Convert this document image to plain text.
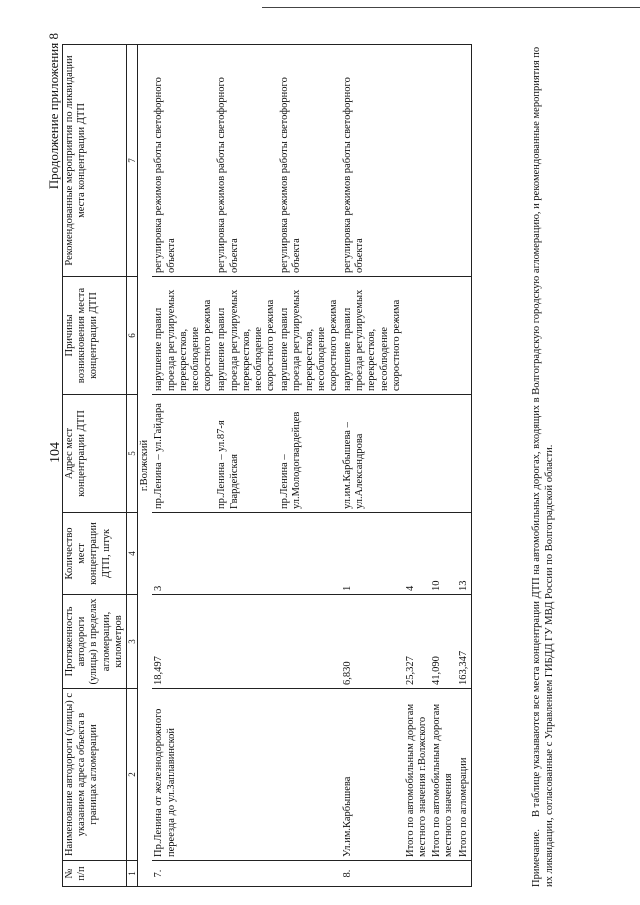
104
Продолжение приложения 8
№ п/п	Наименование автодороги (улицы) с указанием адреса объекта в границах агломерации	Протяженность автодороги (улицы) в пределах агломерации, километров	Количество мест концентрации ДТП, штук	Адрес мест концентрации ДТП	Причины возникновения места концентрации ДТП	Рекомендованные мероприятия по ликвидации места концентрации ДТП
1	2	3	4	5	6	7
г.Волжский						
7.	Пр.Ленина от железнодорожного переезда до ул.Заплавинской	18,497	3	пр.Ленина – ул.Гайдара	нарушение правил проезда регулируемых перекрестков, несоблюдение скоростного режима	регулировка режимов работы светофорного объекта
				пр.Ленина – ул.87-я Гвардейская	нарушение правил проезда регулируемых перекрестков, несоблюдение скоростного режима	регулировка режимов работы светофорного объекта
				пр.Ленина – ул.Молодогвардейцев	нарушение правил проезда регулируемых перекрестков, несоблюдение скоростного режима	регулировка режимов работы светофорного объекта
8.	Ул.им.Карбышева	6,830	1	ул.им.Карбышева – ул.Александрова	нарушение правил проезда регулируемых перекрестков, несоблюдение скоростного режима	регулировка режимов работы светофорного объекта
	Итого по автомобильным дорогам местного значения г.Волжского	25,327	4			
	Итого по автомобильным дорогам местного значения	41,090	10			
	Итого по агломерации	163,347	13			
Примечание.В таблице указываются все места концентрации ДТП на автомобильных дорогах, входящих в Волгоградскую городскую агломерацию, и рекомендованные мероприятия по их ликвидации, согласованные с Управлением ГИБДД ГУ МВД России по Волгоградской области.
